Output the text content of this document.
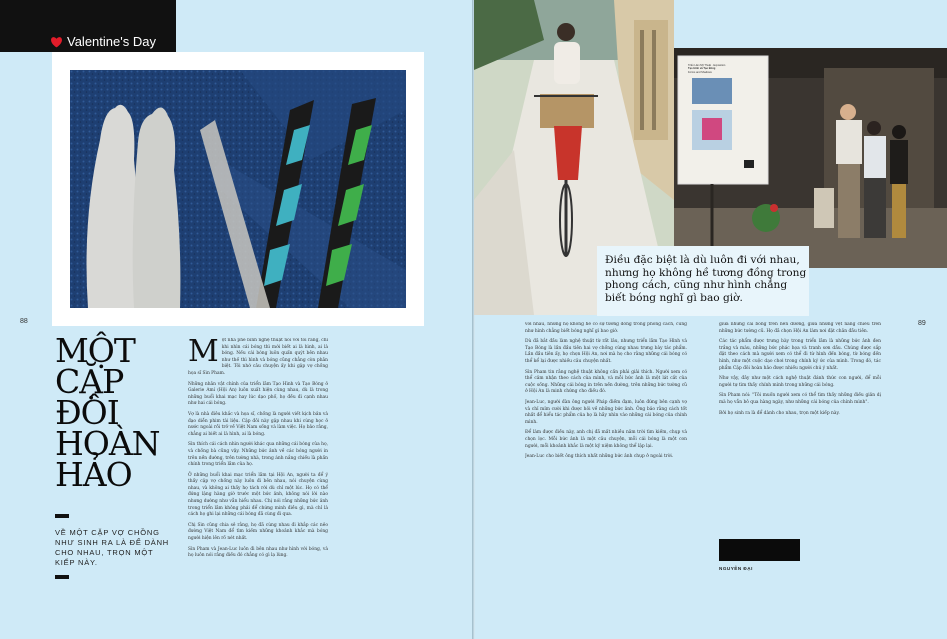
Valentine's Day
88	89
MỘT
CẶP
ĐÔI
HOÀN
HẢO
VỀ MỘT CẶP VỢ CHỒNG NHƯ SINH RA LÀ ĐỂ DÀNH CHO NHAU, TRỌN MỘT KIẾP NÀY.

Một nhà phê bình nghệ thuật nói với tôi rằng, chỉ khi nhìn cái bóng thì mới biết ai là hình, ai là bóng. Nếu cái bóng luôn quấn quýt bên nhau như thế thì hình và bóng cũng chẳng còn phân biệt. Tôi nhớ câu chuyện ấy khi gặp vợ chồng họa sĩ Sìn Pham.

Những nhân vật chính của triển lãm Tạo Hình và Tạo Bóng ở Galerie Amí (Hội An) luôn xuất hiện cùng nhau, dù là trong những buổi khai mạc hay lúc dạo phố, họ đều đi cạnh nhau như hai cái bóng.

Vợ là nhà điêu khắc và họa sĩ, chồng là người viết kịch bản và đạo diễn phim tài liệu. Cặp đôi này gặp nhau khi cùng học ở nước ngoài rồi trở về Việt Nam sống và làm việc. Họ bảo rằng, chẳng ai biết ai là hình, ai là bóng.

Sìn thích cái cách nhìn người khác qua những cái bóng của họ, và chồng bà cũng vậy. Những bức ảnh về các bóng người in trên nền đường, trên tường nhà, trong ánh nắng chiều là phần chính trong triển lãm của họ.

Ở những buổi khai mạc triển lãm tại Hội An, người ta để ý thấy cặp vợ chồng này luôn đi bên nhau, nói chuyện cùng nhau, và không ai thấy họ tách rời dù chỉ một lúc. Họ có thể đứng lặng hàng giờ trước một bức ảnh, không nói lời nào nhưng dường như vẫn hiểu nhau. Chị nói rằng những bức ảnh trong triển lãm không phải để chứng minh điều gì, mà chỉ là cách họ ghi lại những cái bóng đã cùng đi qua.

Chị Sìn cũng chia sẻ rằng, họ đã cùng nhau đi khắp các nẻo đường Việt Nam để tìm kiếm những khoảnh khắc mà bóng người hiện lên rõ nét nhất.

Sìn Pham và Jean-Luc luôn đi bên nhau như hình với bóng, và họ luôn nói rằng điều đó chẳng có gì lạ lùng.

với nhau, nhưng họ không hề có sự tương đồng trong phong cách, cũng như hình chẳng biết bóng nghĩ gì bao giờ.

Dù đã bắt đầu làm nghệ thuật từ rất lâu, nhưng triển lãm Tạo Hình và Tạo Bóng là lần đầu tiên hai vợ chồng cùng nhau trưng bày tác phẩm. Lần đầu tiên ấy, họ chọn Hội An, nơi mà họ cho rằng những cái bóng có thể kể lại được nhiều câu chuyện nhất.

Sìn Pham tin rằng nghệ thuật không cần phải giải thích. Người xem có thể cảm nhận theo cách của mình, và mỗi bức ảnh là một lát cắt của cuộc sống. Những cái bóng in trên nền đường, trên những bức tường cũ ở Hội An là minh chứng cho điều đó.

Jean-Luc, người đàn ông người Pháp điềm đạm, luôn đứng bên cạnh vợ và chỉ mỉm cười khi được hỏi về những bức ảnh. Ông bảo rằng cách tốt nhất để hiểu tác phẩm của họ là hãy nhìn vào những cái bóng của chính mình.

Để làm được điều này, anh chị đã mất nhiều năm trời tìm kiếm, chụp và chọn lọc. Mỗi bức ảnh là một câu chuyện, mỗi cái bóng là một con người, mỗi khoảnh khắc là một kỷ niệm không thể lặp lại.

Jean-Luc cho biết ông thích nhất những bức ảnh chụp ở ngoài trời.

giữa những cái bóng trên nền đường, giữa những vệt nắng chiều trên những bức tường cũ. Họ đã chọn Hội An làm nơi đặt chân đầu tiên.

Các tác phẩm được trưng bày trong triển lãm là những bức ảnh đen trắng và màu, những bức phác họa và tranh sơn dầu. Chúng được sắp đặt theo cách mà người xem có thể đi từ hình đến bóng, từ bóng đến hình, như một cuộc dạo chơi trong chính ký ức của mình. Trong đó, tác phẩm Cặp đôi hoàn hảo được nhiều người chú ý nhất.

Như vậy, đây như một cách nghệ thuật đánh thức con người, để mỗi người tự tìm thấy chính mình trong những cái bóng.

Sìn Pham nói: "Tôi muốn người xem có thể tìm thấy những điều giản dị mà họ vẫn bỏ qua hàng ngày, như những cái bóng của chính mình".

Bởi họ sinh ra là để dành cho nhau, trọn một kiếp này.

Triển Lãm Mỹ Thuật · Exposition
Tạo Hình và Tạo Bóng
Forms and Shadows
Điều đặc biệt là dù luôn đi với nhau, nhưng họ không hề tương đồng trong phong cách, cũng như hình chẳng biết bóng nghĩ gì bao giờ.
NGUYỄN ĐẠI
